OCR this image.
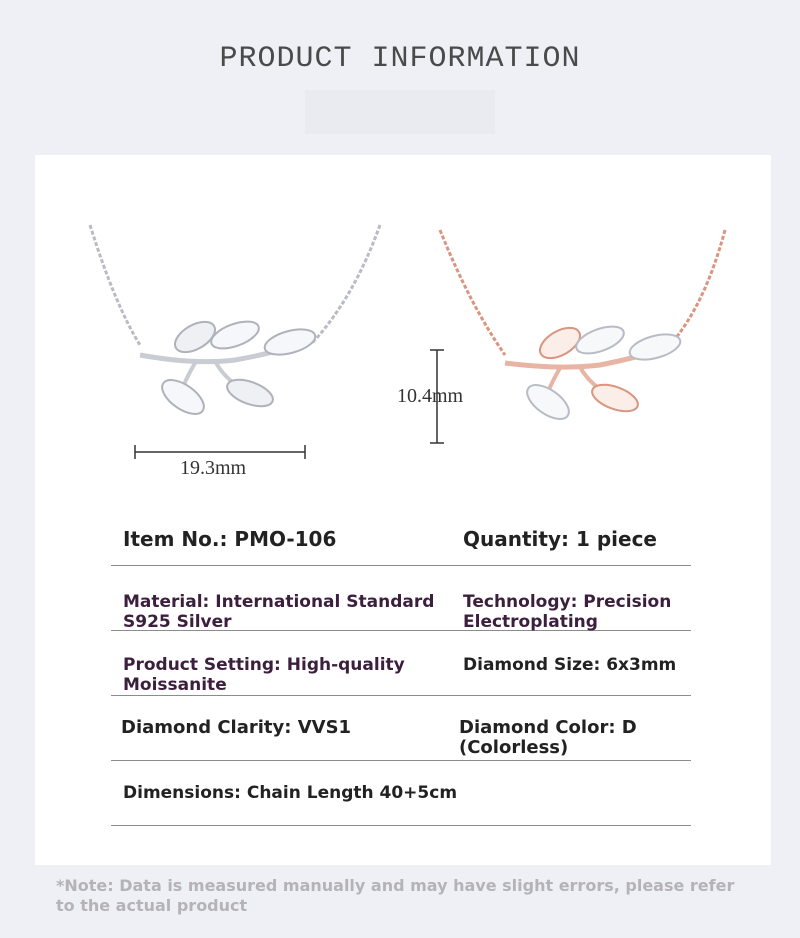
PRODUCT INFORMATION
19.3mm
10.4mm
Item No.: PMO-106	Quantity: 1 piece
Material: International Standard S925 Silver
Technology: Precision Electroplating
Product Setting: High-quality Moissanite
Diamond Size: 6x3mm
Diamond Clarity: VVS1	Diamond Color: D (Colorless)
Dimensions: Chain Length 40+5cm
*Note: Data is measured manually and may have slight errors, please refer to the actual product
